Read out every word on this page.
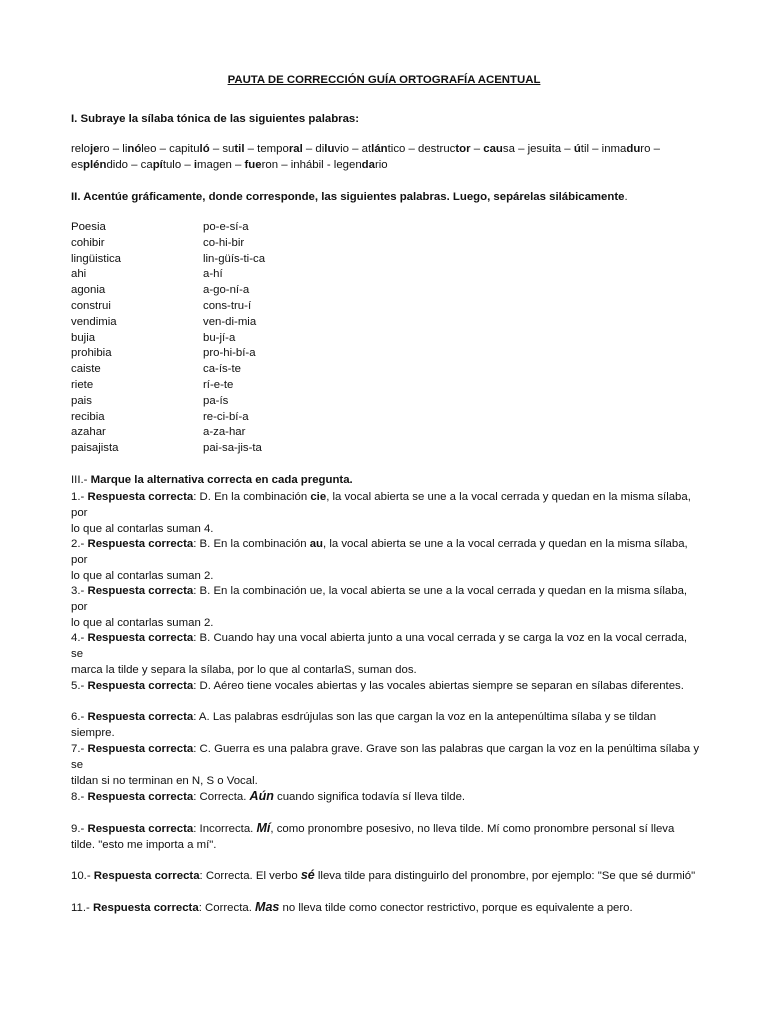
PAUTA DE CORRECCIÓN GUÍA ORTOGRAFÍA ACENTUAL
I. Subraye la sílaba tónica de las siguientes palabras:
relojero – linóleo – capituló – sutil – temporal – diluvio – atlántico – destructor – causa – jesuita – útil – inmaduro –
espléndido – capítulo – imagen – fueron – inhábil - legendario
II. Acentúe gráficamente, donde corresponde, las siguientes palabras. Luego, sepárelas silábicamente.
Poesia	po-e-sí-a
cohibir	co-hi-bir
lingüistica	lin-güís-ti-ca
ahi	a-hí
agonia	a-go-ní-a
construi	cons-tru-í
vendimia	ven-di-mia
bujia	bu-jí-a
prohibia	pro-hi-bí-a
caiste	ca-ís-te
riete	rí-e-te
pais	pa-ís
recibia	re-ci-bí-a
azahar	a-za-har
paisajista	pai-sa-jis-ta
III.- Marque la alternativa correcta en cada pregunta.
1.- Respuesta correcta: D. En la combinación cie, la vocal abierta se une a la vocal cerrada y quedan en la misma sílaba, por
lo que al contarlas suman 4.
2.- Respuesta correcta: B. En la combinación au, la vocal abierta se une a la vocal cerrada y quedan en la misma sílaba, por
lo que al contarlas suman 2.
3.- Respuesta correcta: B. En la combinación ue, la vocal abierta se une a la vocal cerrada y quedan en la misma sílaba, por
lo que al contarlas suman 2.
4.- Respuesta correcta: B. Cuando hay una vocal abierta junto a una vocal cerrada y se carga la voz en la vocal cerrada, se
marca la tilde y separa la sílaba, por lo que al contarlaS, suman dos.
5.- Respuesta correcta: D. Aéreo tiene vocales abiertas y las vocales abiertas siempre se separan en sílabas diferentes.
6.- Respuesta correcta: A. Las palabras esdrújulas son las que cargan la voz en la antepenúltima sílaba y se tildan siempre.
7.- Respuesta correcta: C. Guerra es una palabra grave. Grave son las palabras que cargan la voz en la penúltima sílaba y se
tildan si no terminan en N, S o Vocal.
8.- Respuesta correcta: Correcta. Aún cuando significa todavía sí lleva tilde.
9.- Respuesta correcta: Incorrecta. Mí, como pronombre posesivo, no lleva tilde. Mí como pronombre personal sí lleva
tilde. "esto me importa a mí".
10.- Respuesta correcta: Correcta. El verbo sé lleva tilde para distinguirlo del pronombre, por ejemplo: "Se que sé durmió"
11.- Respuesta correcta: Correcta. Mas no lleva tilde como conector restrictivo, porque es equivalente a pero.
